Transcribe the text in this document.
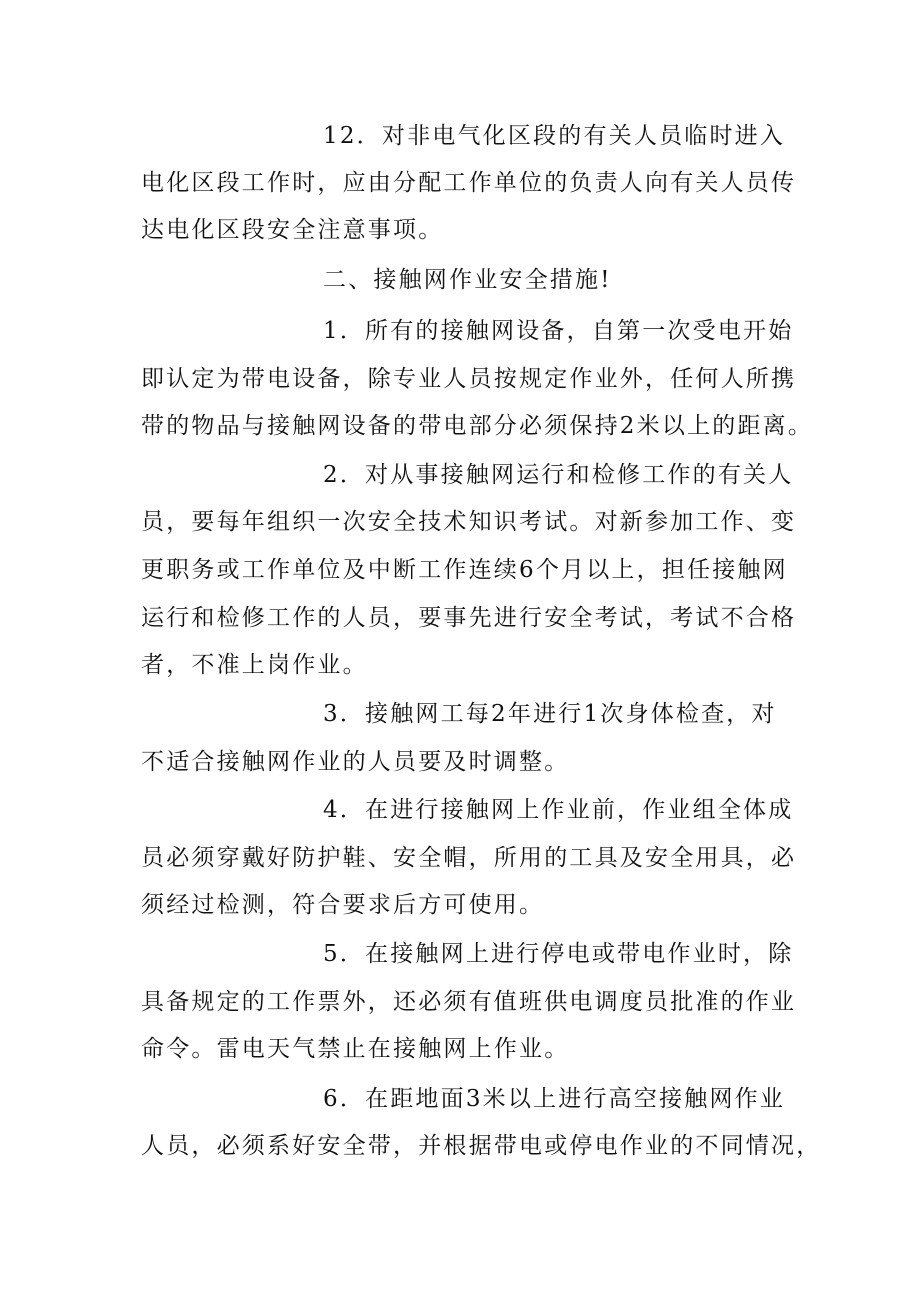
12．对非电气化区段的有关人员临时进入
电化区段工作时，应由分配工作单位的负责人向有关人员传
达电化区段安全注意事项。
二、接触网作业安全措施!
1．所有的接触网设备，自第一次受电开始
即认定为带电设备，除专业人员按规定作业外，任何人所携
带的物品与接触网设备的带电部分必须保持2米以上的距离。
2．对从事接触网运行和检修工作的有关人
员，要每年组织一次安全技术知识考试。对新参加工作、变
更职务或工作单位及中断工作连续6个月以上，担任接触网
运行和检修工作的人员，要事先进行安全考试，考试不合格
者，不准上岗作业。
3．接触网工每2年进行1次身体检查，对
不适合接触网作业的人员要及时调整。
4．在进行接触网上作业前，作业组全体成
员必须穿戴好防护鞋、安全帽，所用的工具及安全用具，必
须经过检测，符合要求后方可使用。
5．在接触网上进行停电或带电作业时，除
具备规定的工作票外，还必须有值班供电调度员批准的作业
命令。雷电天气禁止在接触网上作业。
6．在距地面3米以上进行高空接触网作业
人员，必须系好安全带，并根据带电或停电作业的不同情况，
